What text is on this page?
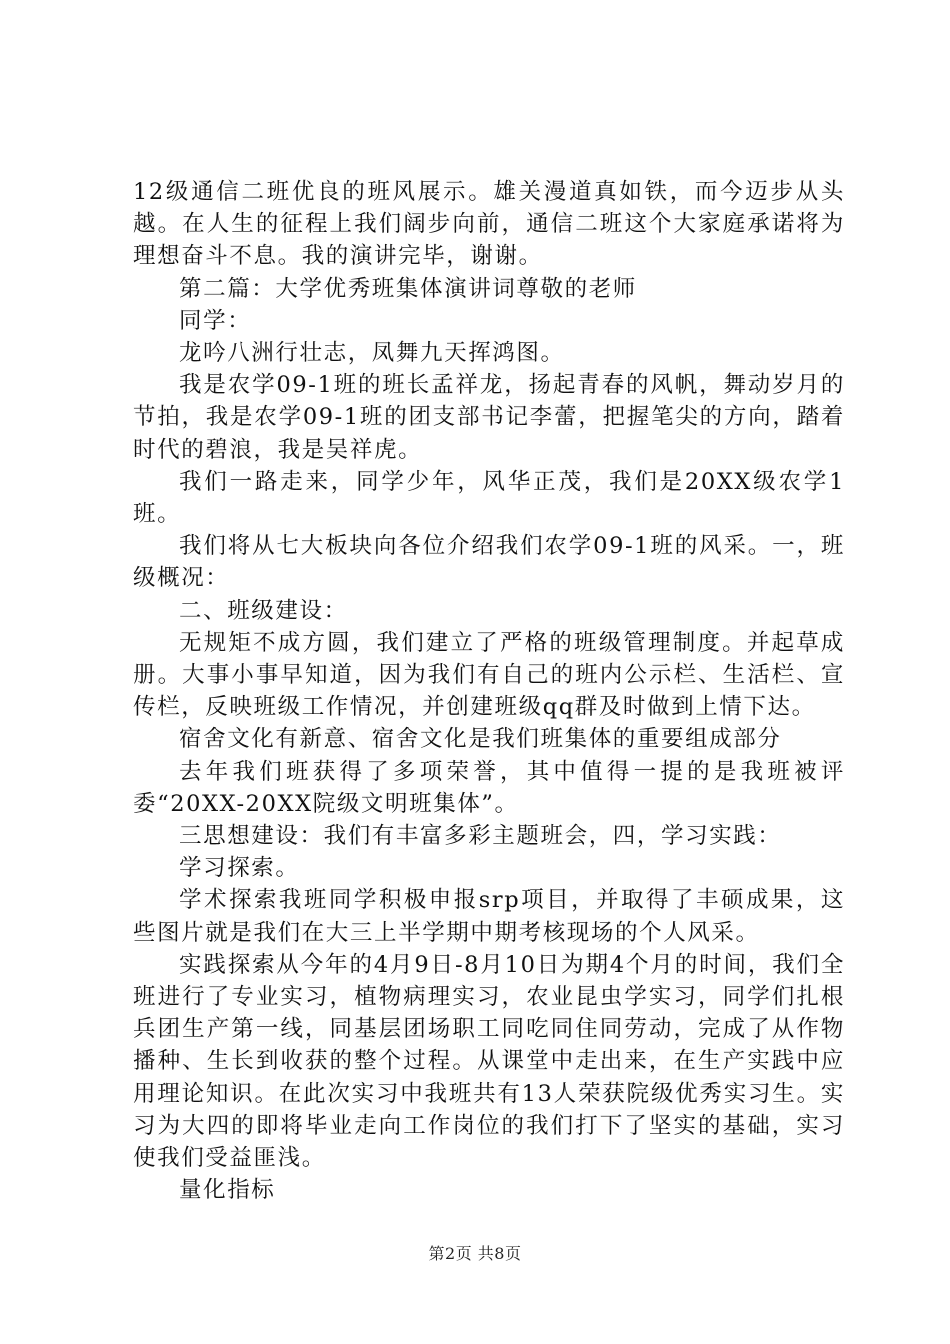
12级通信二班优良的班风展示。雄关漫道真如铁，而今迈步从头越。在人生的征程上我们阔步向前，通信二班这个大家庭承诺将为理想奋斗不息。我的演讲完毕，谢谢。

第二篇：大学优秀班集体演讲词尊敬的老师

同学：

龙吟八洲行壮志，凤舞九天挥鸿图。

我是农学09-1班的班长孟祥龙，扬起青春的风帆，舞动岁月的节拍，我是农学09-1班的团支部书记李蕾，把握笔尖的方向，踏着时代的碧浪，我是吴祥虎。

我们一路走来，同学少年，风华正茂，我们是20XX级农学1班。

我们将从七大板块向各位介绍我们农学09-1班的风采。一，班级概况：

二、班级建设：

无规矩不成方圆，我们建立了严格的班级管理制度。并起草成册。大事小事早知道，因为我们有自己的班内公示栏、生活栏、宣传栏，反映班级工作情况，并创建班级qq群及时做到上情下达。

宿舍文化有新意、宿舍文化是我们班集体的重要组成部分

去年我们班获得了多项荣誉，其中值得一提的是我班被评委“20XX-20XX院级文明班集体”。

三思想建设：我们有丰富多彩主题班会，四，学习实践：

学习探索。

学术探索我班同学积极申报srp项目，并取得了丰硕成果，这些图片就是我们在大三上半学期中期考核现场的个人风采。

实践探索从今年的4月9日-8月10日为期4个月的时间，我们全班进行了专业实习，植物病理实习，农业昆虫学实习，同学们扎根兵团生产第一线，同基层团场职工同吃同住同劳动，完成了从作物播种、生长到收获的整个过程。从课堂中走出来，在生产实践中应用理论知识。在此次实习中我班共有13人荣获院级优秀实习生。实习为大四的即将毕业走向工作岗位的我们打下了坚实的基础，实习使我们受益匪浅。

量化指标

第2页 共8页
